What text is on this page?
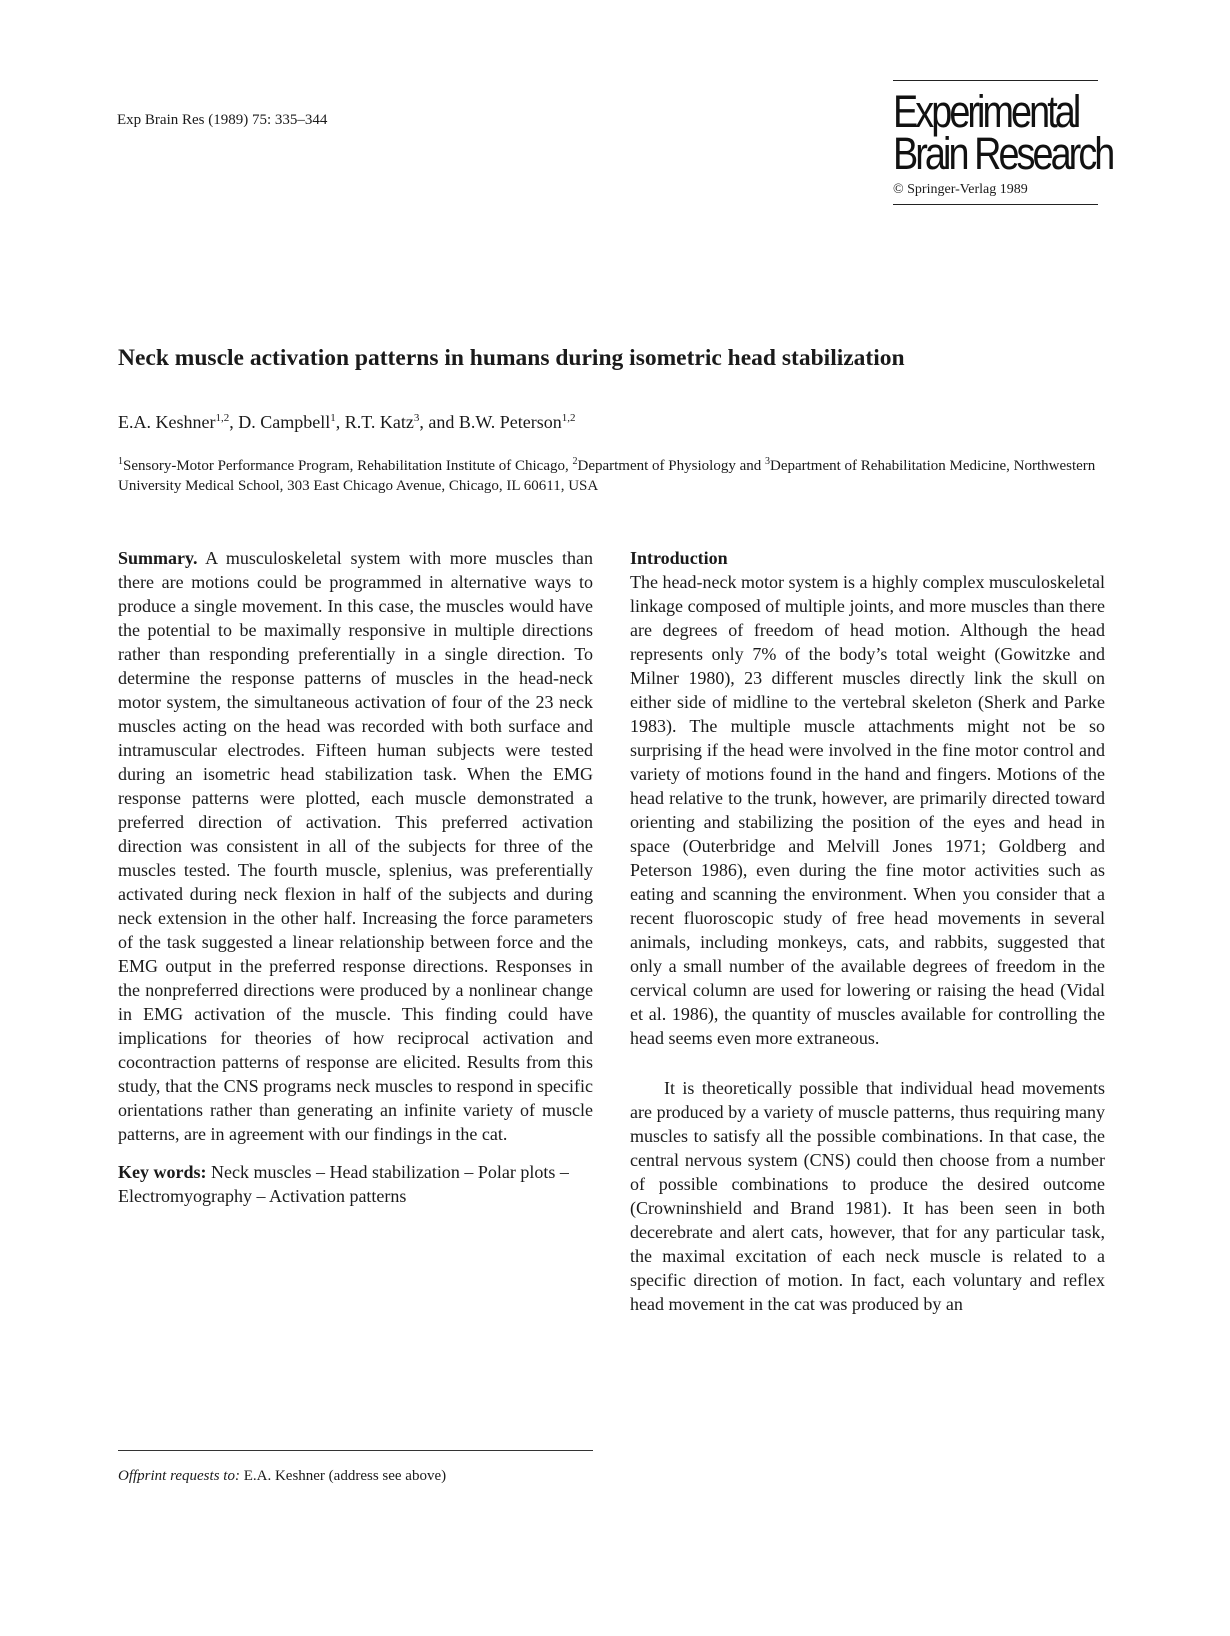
Exp Brain Res (1989) 75: 335–344	Experimental
Brain Research
© Springer-Verlag 1989
Neck muscle activation patterns in humans during isometric head stabilization
E.A. Keshner$^{1,2}$, D. Campbell$^1$, R.T. Katz$^3$, and B.W. Peterson$^{1,2}$
$^1$Sensory-Motor Performance Program, Rehabilitation Institute of Chicago, $^2$Department of Physiology and $^3$Department of Rehabilitation Medicine, Northwestern University Medical School, 303 East Chicago Avenue, Chicago, IL 60611, USA

Summary. A musculoskeletal system with more muscles than there are motions could be programmed in alternative ways to produce a single movement. In this case, the muscles would have the potential to be maximally responsive in multiple directions rather than responding preferentially in a single direction. To determine the response patterns of muscles in the head-neck motor system, the simultaneous activation of four of the 23 neck muscles acting on the head was recorded with both surface and intramuscular electrodes. Fifteen human subjects were tested during an isometric head stabilization task. When the EMG response patterns were plotted, each muscle demonstrated a preferred direction of activation. This preferred activation direction was consistent in all of the subjects for three of the muscles tested. The fourth muscle, splenius, was preferentially activated during neck flexion in half of the subjects and during neck extension in the other half. Increasing the force parameters of the task suggested a linear relationship between force and the EMG output in the preferred response directions. Responses in the nonpreferred directions were produced by a nonlinear change in EMG activation of the muscle. This finding could have implications for theories of how reciprocal activation and cocontraction patterns of response are elicited. Results from this study, that the CNS programs neck muscles to respond in specific orientations rather than generating an infinite variety of muscle patterns, are in agreement with our findings in the cat.

Key words: Neck muscles – Head stabilization – Polar plots – Electromyography – Activation patterns

Offprint requests to: E.A. Keshner (address see above)

Introduction

The head-neck motor system is a highly complex musculoskeletal linkage composed of multiple joints, and more muscles than there are degrees of freedom of head motion. Although the head represents only 7% of the body’s total weight (Gowitzke and Milner 1980), 23 different muscles directly link the skull on either side of midline to the vertebral skeleton (Sherk and Parke 1983). The multiple muscle attachments might not be so surprising if the head were involved in the fine motor control and variety of motions found in the hand and fingers. Motions of the head relative to the trunk, however, are primarily directed toward orienting and stabilizing the position of the eyes and head in space (Outerbridge and Melvill Jones 1971; Goldberg and Peterson 1986), even during the fine motor activities such as eating and scanning the environment. When you consider that a recent fluoroscopic study of free head movements in several animals, including monkeys, cats, and rabbits, suggested that only a small number of the available degrees of freedom in the cervical column are used for lowering or raising the head (Vidal et al. 1986), the quantity of muscles available for controlling the head seems even more extraneous.

It is theoretically possible that individual head movements are produced by a variety of muscle patterns, thus requiring many muscles to satisfy all the possible combinations. In that case, the central nervous system (CNS) could then choose from a number of possible combinations to produce the desired outcome (Crowninshield and Brand 1981). It has been seen in both decerebrate and alert cats, however, that for any particular task, the maximal excitation of each neck muscle is related to a specific direction of motion. In fact, each voluntary and reflex head movement in the cat was produced by an
